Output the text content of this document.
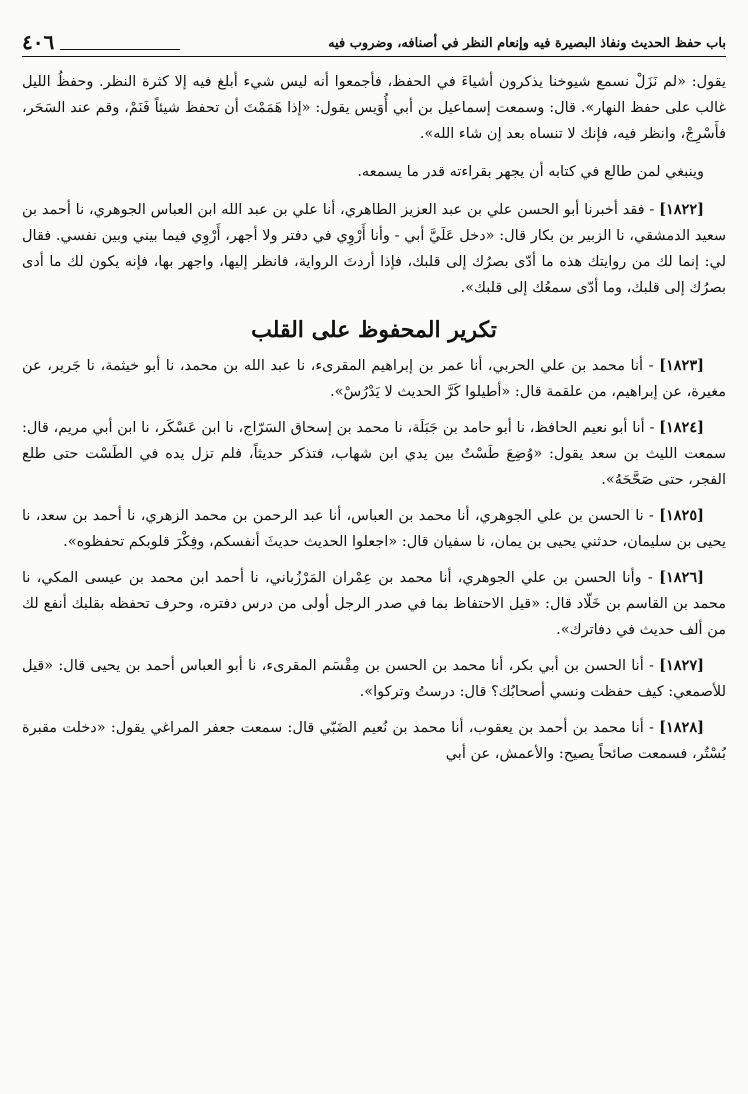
باب حفظ الحديث ونفاذ البصيرة فيه وإنعام النظر في أصنافه، وضروب فيه
٤٠٦

يقول: «لم نَزَلْ نسمع شيوخنا يذكرون أشياءَ في الحفظ، فأجمعوا أنه ليس شيء أبلغ فيه إلا كثرة النظر. وحفظُ الليل غالب على حفظ النهار». قال: وسمعت إسماعيل بن أبي أُوَيس يقول: «إذا هَمَمْتَ أن تحفظ شيئاً فَنَمْ، وقم عند السَحَر، فأَسْرِجْ، وانظر فيه، فإنك لا تنساه بعد إن شاء الله».

وينبغي لمن طالع في كتابه أن يجهر بقراءته قدر ما يسمعه.

[١٨٢٢] - فقد أخبرنا أبو الحسن علي بن عبد العزيز الطاهري، أنا علي بن عبد الله ابن العباس الجوهري، نا أحمد بن سعيد الدمشقي، نا الزبير بن بكار قال: «دخل عَلَيَّ أبي - وأنا أَرْوِي في دفتر ولا أجهر، أَرْوِي فيما بيني وبين نفسي. فقال لي: إنما لك من روايتك هذه ما أدّى بصرُك إلى قلبك، فإذا أردتَ الرواية، فانظر إليها، واجهر بها، فإنه يكون لك ما أدى بصرُك إلى قلبك، وما أدّى سمعُك إلى قلبك».

تكرير المحفوظ على القلب

[١٨٢٣] - أنا محمد بن علي الحربي، أنا عمر بن إبراهيم المقرىء، نا عبد الله بن محمد، نا أبو خيثمة، نا جَرير، عن مغيرة، عن إبراهيم، من علقمة قال: «أطيلوا كَرَّ الحديث لا يَدْرُسْ».

[١٨٢٤] - أنا أبو نعيم الحافظ، نا أبو حامد بن جَبَلَة، نا محمد بن إسحاق السَرّاج، نا ابن عَسْكَر، نا ابن أبي مريم، قال: سمعت الليث بن سعد يقول: «وُضِعَ طَسْتٌ بين يدي ابن شهاب، فتذكر حديثاً، فلم تزل يده في الطَسْت حتى طلع الفجر، حتى صَحَّحَهُ».

[١٨٢٥] - نا الحسن بن علي الجوهري، أنا محمد بن العباس، أنا عبد الرحمن بن محمد الزهري، نا أحمد بن سعد، نا يحيى بن سليمان، حدثني يحيى بن يمان، نا سفيان قال: «اجعلوا الحديث حديثَ أنفسكم، وفِكْرَ قلوبكم تحفظوه».

[١٨٢٦] - وأنا الحسن بن علي الجوهري، أنا محمد بن عِمْران المَرْزُباني، نا أحمد ابن محمد بن عيسى المكي، نا محمد بن القاسم بن خَلّاد قال: «قيل الاحتفاظ بما في صدر الرجل أولى من درس دفتره، وحرف تحفظه بقلبك أنفع لك من ألف حديث في دفاترك».

[١٨٢٧] - أنا الحسن بن أبي بكر، أنا محمد بن الحسن بن مِقْسَم المقرىء، نا أبو العباس أحمد بن يحيى قال: «قيل للأصمعي: كيف حفظت ونسي أصحابُك؟ قال: درستُ وتركوا».

[١٨٢٨] - أنا محمد بن أحمد بن يعقوب، أنا محمد بن نُعيم الضَبّي قال: سمعت جعفر المراغي يقول: «دخلت مقبرة بُسْتُر، فسمعت صائحاً يصيح: والأعمش، عن أبي
